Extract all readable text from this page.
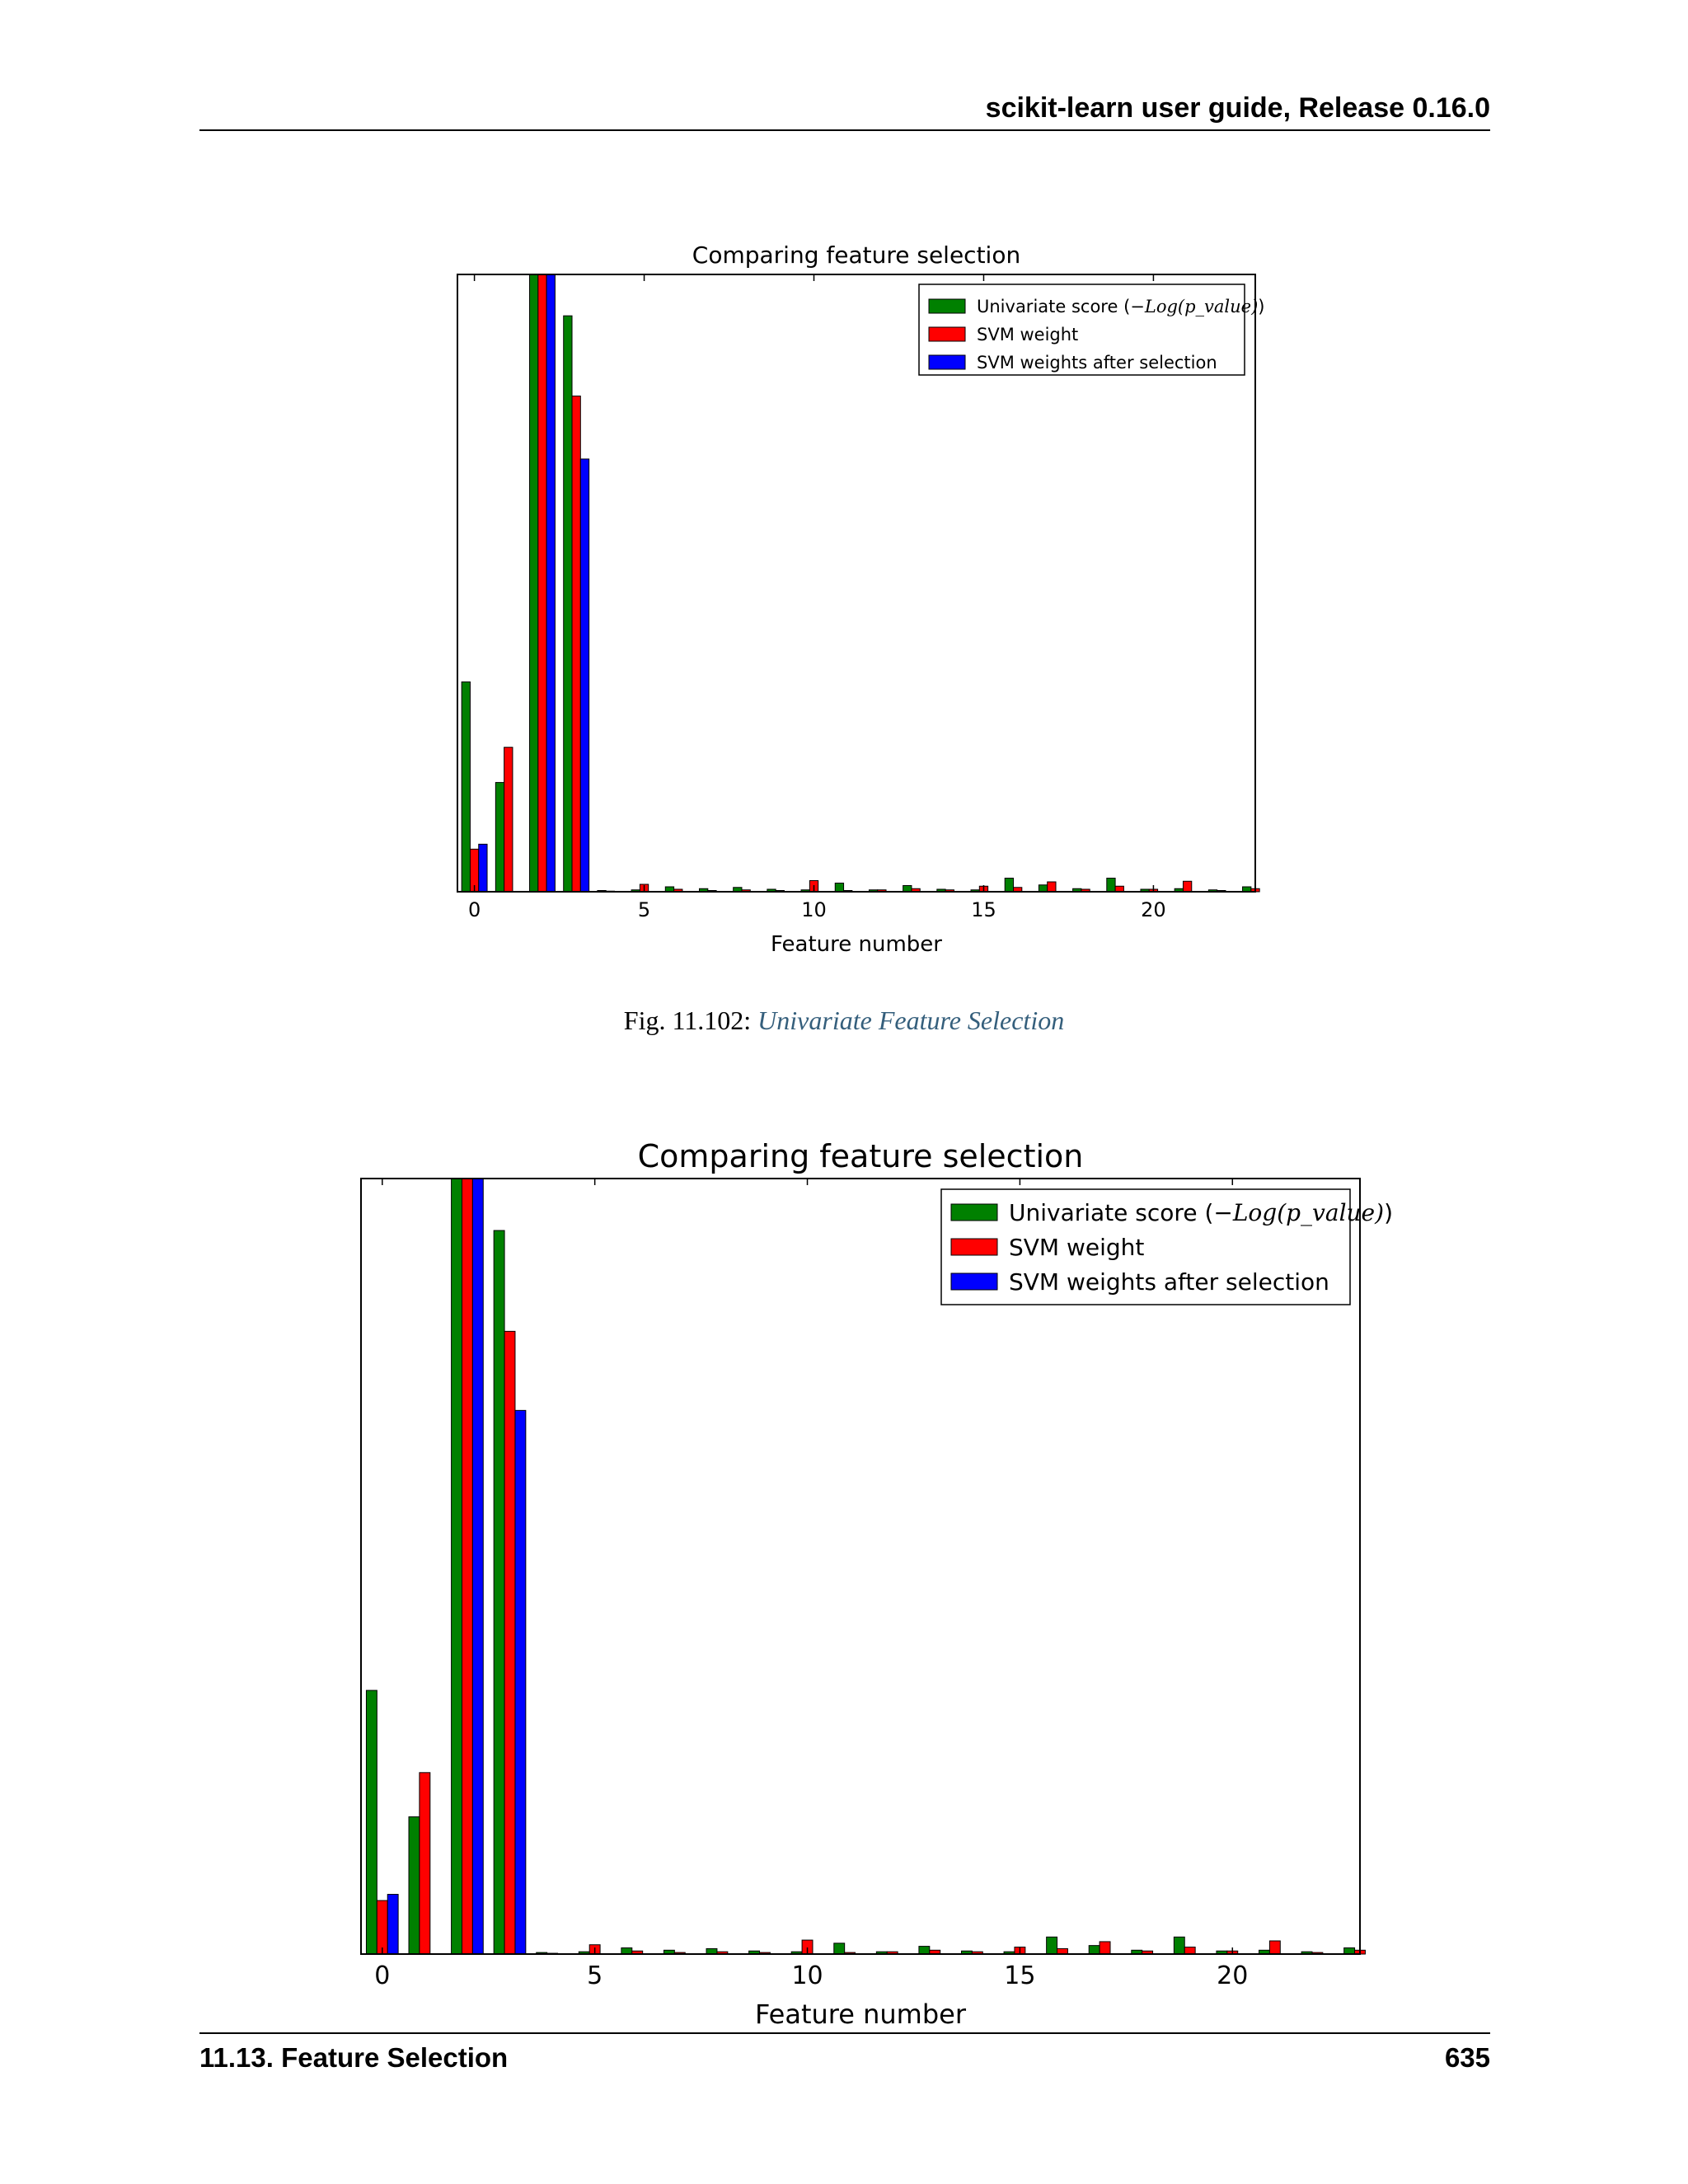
scikit-learn user guide, Release 0.16.0
0	5	10	15	20
Comparing feature selection
Feature number
Univariate score (−Log(p_value))
SVM weight
SVM weights after selection
0	5	10	15	20
Comparing feature selection
Feature number
Univariate score (−Log(p_value))
SVM weight
SVM weights after selection
Fig. 11.102: Univariate Feature Selection
11.13. Feature Selection	635
